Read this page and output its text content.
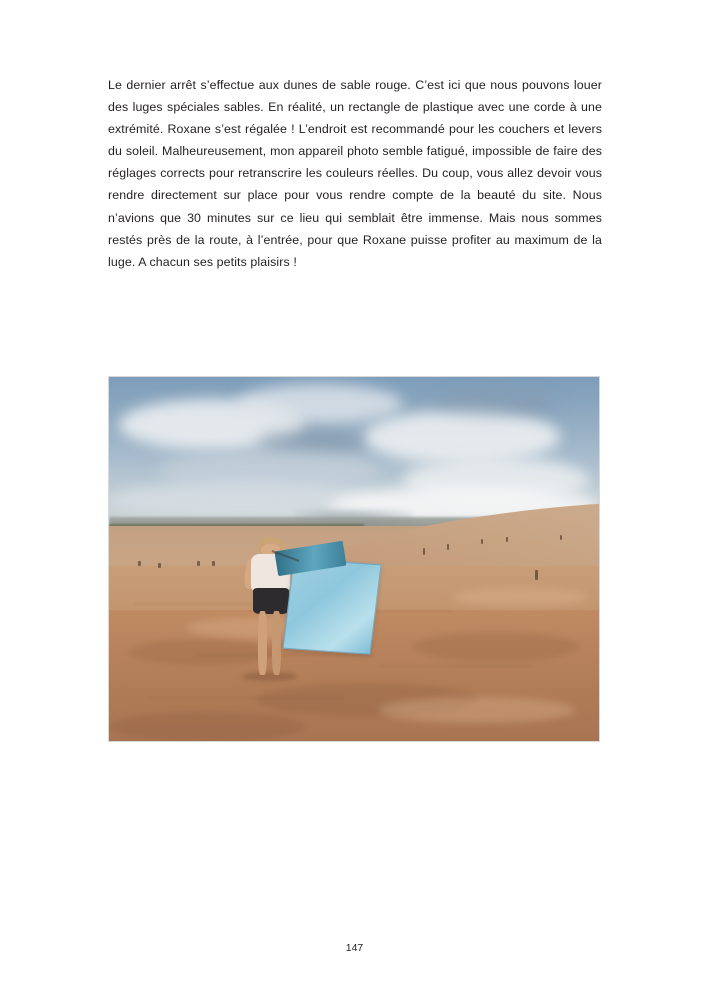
Le dernier arrêt s’effectue aux dunes de sable rouge. C’est ici que nous pouvons louer des luges spéciales sables. En réalité, un rectangle de plastique avec une corde à une extrémité. Roxane s’est régalée ! L’endroit est recommandé pour les couchers et levers du soleil. Malheureusement, mon appareil photo semble fatigué, impossible de faire des réglages corrects pour retranscrire les couleurs réelles. Du coup, vous allez devoir vous rendre directement sur place pour vous rendre compte de la beauté du site. Nous n’avions que 30 minutes sur ce lieu qui semblait être immense. Mais nous sommes restés près de la route, à l’entrée, pour que Roxane puisse profiter au maximum de la luge. A chacun ses petits plaisirs !

147
